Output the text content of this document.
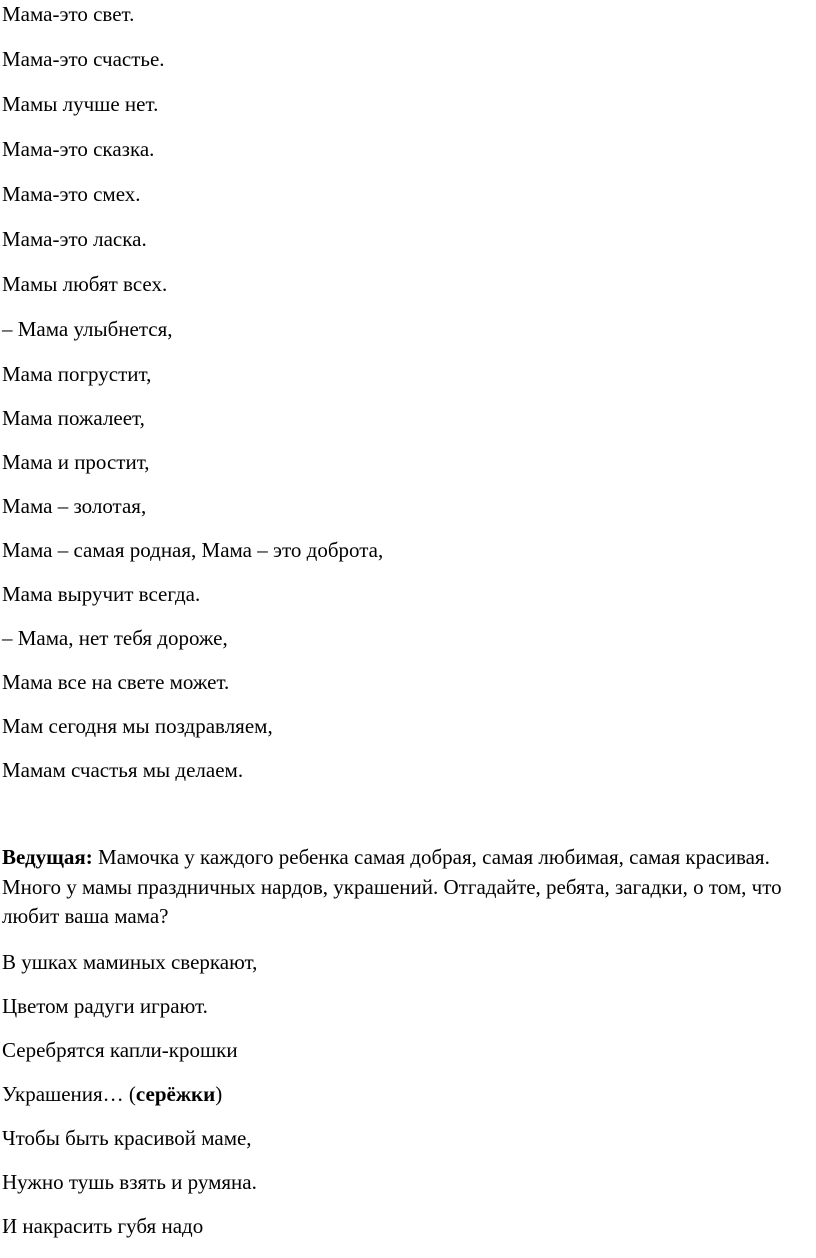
Мама-это свет.
Мама-это счастье.
Мамы лучше нет.
Мама-это сказка.
Мама-это смех.
Мама-это ласка.
Мамы любят всех.
– Мама улыбнется,
Мама погрустит,
Мама пожалеет,
Мама и простит,
Мама – золотая,
Мама – самая родная, Мама – это доброта,
Мама выручит всегда.
– Мама, нет тебя дороже,
Мама все на свете может.
Мам сегодня мы поздравляем,
Мамам счастья мы делаем.
Ведущая: Мамочка у каждого ребенка самая добрая, самая любимая, самая красивая. Много у мамы праздничных нардов, украшений. Отгадайте, ребята, загадки, о том, что любит ваша мама?
В ушках маминых сверкают,
Цветом радуги играют.
Серебрятся капли-крошки
Украшения… (серёжки)
Чтобы быть красивой маме,
Нужно тушь взять и румяна.
И накрасить губя надо
